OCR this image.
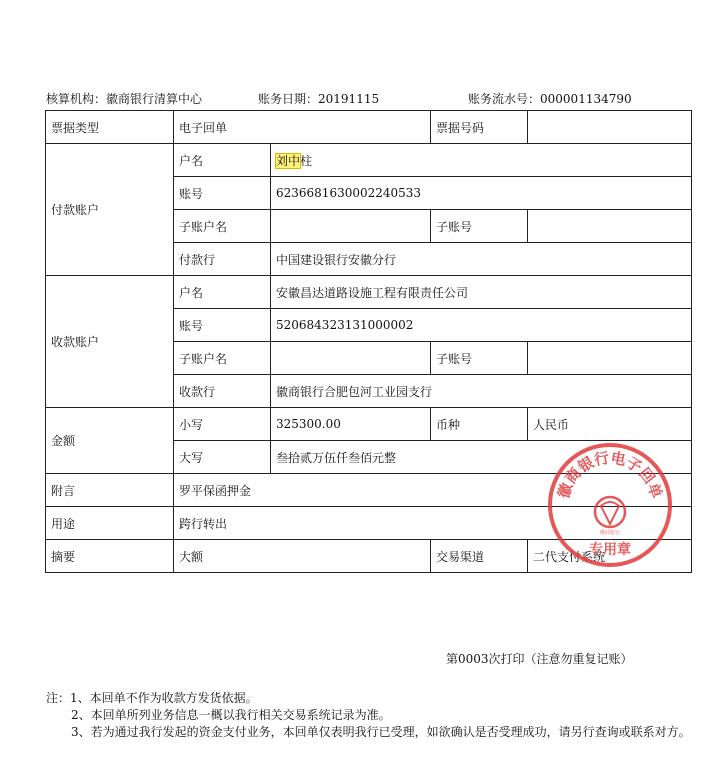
核算机构：徽商银行清算中心	账务日期：20191115	账务流水号：000001134790
票据类型	电子回单		票据号码	
付款账户	户名	刘中柱		
	账号	6236681630002240533		
	子账户名		子账号	
	付款行	中国建设银行安徽分行		
收款账户	户名	安徽昌达道路设施工程有限责任公司		
	账号	520684323131000002		
	子账户名		子账号	
	收款行	徽商银行合肥包河工业园支行		
金额	小写	325300.00	币种	人民币
	大写	叁拾贰万伍仟叁佰元整		
附言	罗平保函押金			
用途	跨行转出			
摘要	大额		交易渠道	二代支付系统
徽商银行电子回单
徽商银行
专用章
第0003次打印（注意勿重复记账）

注：1、本回单不作为收款方发货依据。

2、本回单所列业务信息一概以我行相关交易系统记录为准。

3、若为通过我行发起的资金支付业务，本回单仅表明我行已受理，如欲确认是否受理成功，请另行查询或联系对方。
